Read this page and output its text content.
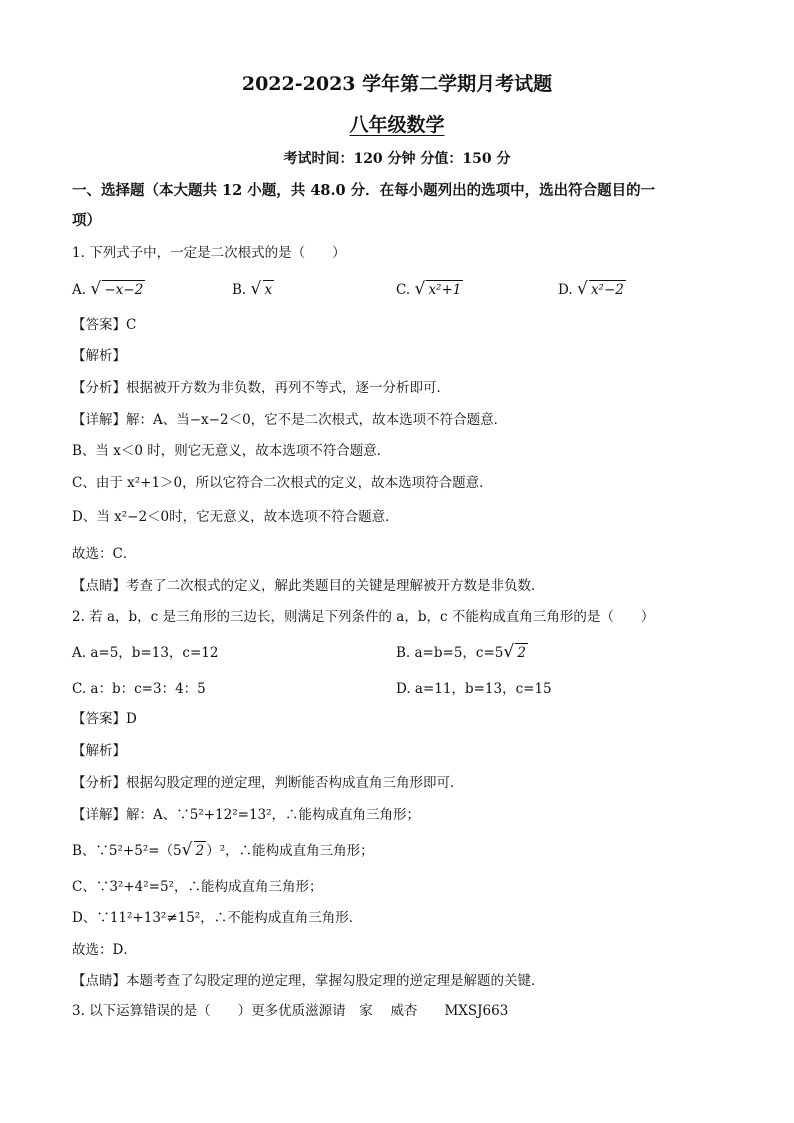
2022-2023 学年第二学期月考试题
八年级数学
考试时间：120 分钟 分值：150 分
一、选择题（本大题共 12 小题，共 48.0 分．在每小题列出的选项中，选出符合题目的一
项）
1. 下列式子中，一定是二次根式的是（　　）
A. √ −x−2	B. √ x	C. √ x²+1	D. √ x²−2
【答案】C
【解析】
【分析】根据被开方数为非负数，再列不等式，逐一分析即可．
【详解】解：A、当−x−2＜0，它不是二次根式，故本选项不符合题意．
B、当 x＜0 时，则它无意义，故本选项不符合题意．
C、由于 x²+1＞0，所以它符合二次根式的定义，故本选项符合题意．
D、当 x²−2＜0时，它无意义，故本选项不符合题意．
故选：C．
【点睛】考查了二次根式的定义，解此类题目的关键是理解被开方数是非负数．
2. 若 a，b，c 是三角形的三边长，则满足下列条件的 a，b，c 不能构成直角三角形的是（　　）
A. a=5，b=13，c=12	B. a=b=5，c=5 √ 2
C. a：b：c=3：4：5	D. a=11，b=13，c=15
【答案】D
【解析】
【分析】根据勾股定理的逆定理，判断能否构成直角三角形即可．
【详解】解：A、∵5²+12²=13²，∴能构成直角三角形；
B、∵5²+5²=（5 √ 2 ）²，∴能构成直角三角形；
C、∵3²+4²=5²，∴能构成直角三角形；
D、∵11²+13²≠15²，∴不能构成直角三角形．
故选：D．
【点睛】本题考查了勾股定理的逆定理，掌握勾股定理的逆定理是解题的关键．
3. 以下运算错误的是（　　）更多优质滋源请　家　 威杏　　MXSJ663
